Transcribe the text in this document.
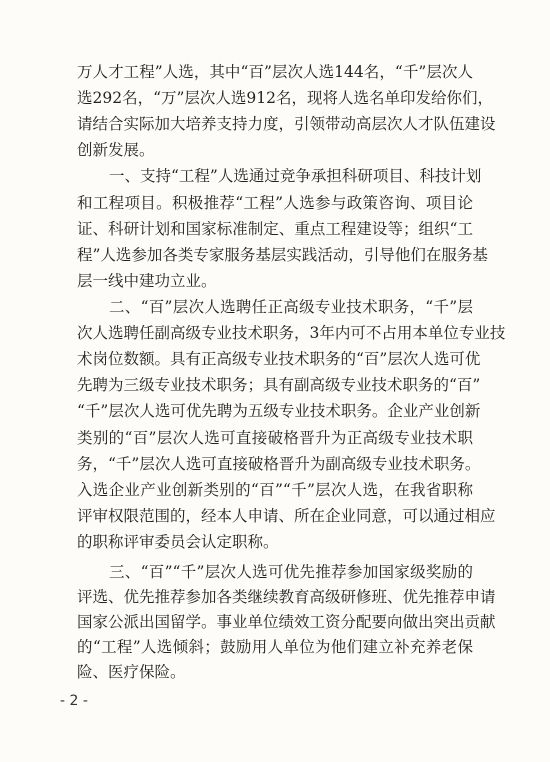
万人才工程”人选，其中“百”层次人选144名，“千”层次人
选292名，“万”层次人选912名，现将人选名单印发给你们，
请结合实际加大培养支持力度，引领带动高层次人才队伍建设
创新发展。
一、支持“工程”人选通过竞争承担科研项目、科技计划
和工程项目。积极推荐“工程”人选参与政策咨询、项目论
证、科研计划和国家标准制定、重点工程建设等；组织“工
程”人选参加各类专家服务基层实践活动，引导他们在服务基
层一线中建功立业。
二、“百”层次人选聘任正高级专业技术职务，“千”层
次人选聘任副高级专业技术职务，3年内可不占用本单位专业技
术岗位数额。具有正高级专业技术职务的“百”层次人选可优
先聘为三级专业技术职务；具有副高级专业技术职务的“百”
“千”层次人选可优先聘为五级专业技术职务。企业产业创新
类别的“百”层次人选可直接破格晋升为正高级专业技术职
务，“千”层次人选可直接破格晋升为副高级专业技术职务。
入选企业产业创新类别的“百”“千”层次人选，在我省职称
评审权限范围的，经本人申请、所在企业同意，可以通过相应
的职称评审委员会认定职称。
- 2 -
三、“百”“千”层次人选可优先推荐参加国家级奖励的
评选、优先推荐参加各类继续教育高级研修班、优先推荐申请
国家公派出国留学。事业单位绩效工资分配要向做出突出贡献
的“工程”人选倾斜；鼓励用人单位为他们建立补充养老保
险、医疗保险。
